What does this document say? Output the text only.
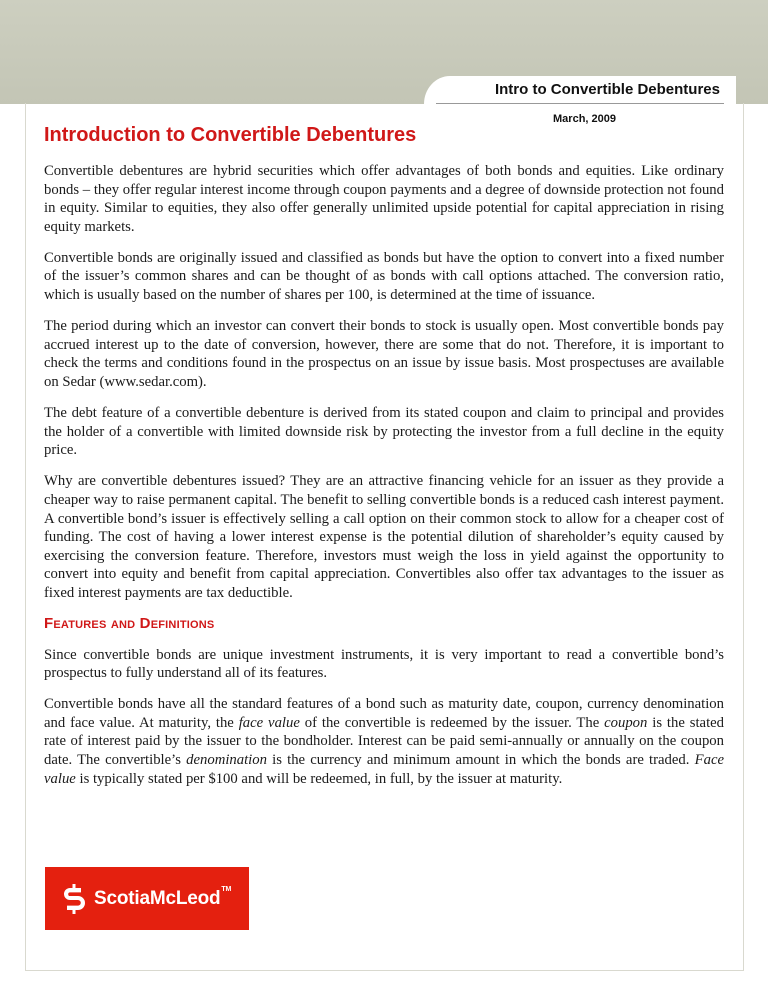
Intro to Convertible Debentures
March, 2009
Introduction to Convertible Debentures

Convertible debentures are hybrid securities which offer advantages of both bonds and equities. Like ordinary bonds – they offer regular interest income through coupon payments and a degree of downside protection not found in equity. Similar to equities, they also offer generally unlimited upside potential for capital appreciation in rising equity markets.

Convertible bonds are originally issued and classified as bonds but have the option to convert into a fixed number of the issuer’s common shares and can be thought of as bonds with call options attached. The conversion ratio, which is usually based on the number of shares per 100, is determined at the time of issuance.

The period during which an investor can convert their bonds to stock is usually open. Most convertible bonds pay accrued interest up to the date of conversion, however, there are some that do not. Therefore, it is important to check the terms and conditions found in the prospectus on an issue by issue basis. Most prospectuses are available on Sedar (www.sedar.com).

The debt feature of a convertible debenture is derived from its stated coupon and claim to principal and provides the holder of a convertible with limited downside risk by protecting the investor from a full decline in the equity price.

Why are convertible debentures issued? They are an attractive financing vehicle for an issuer as they provide a cheaper way to raise permanent capital. The benefit to selling convertible bonds is a reduced cash interest payment. A convertible bond’s issuer is effectively selling a call option on their common stock to allow for a cheaper cost of funding. The cost of having a lower interest expense is the potential dilution of shareholder’s equity caused by exercising the conversion feature. Therefore, investors must weigh the loss in yield against the opportunity to convert into equity and benefit from capital appreciation. Convertibles also offer tax advantages to the issuer as fixed interest payments are tax deductible.

Features and Definitions

Since convertible bonds are unique investment instruments, it is very important to read a convertible bond’s prospectus to fully understand all of its features.

Convertible bonds have all the standard features of a bond such as maturity date, coupon, currency denomination and face value. At maturity, the face value of the convertible is redeemed by the issuer. The coupon is the stated rate of interest paid by the issuer to the bondholder. Interest can be paid semi-annually or annually on the coupon date. The convertible’s denomination is the currency and minimum amount in which the bonds are traded. Face value is typically stated per $100 and will be redeemed, in full, by the issuer at maturity.

ScotiaMcLeod™
